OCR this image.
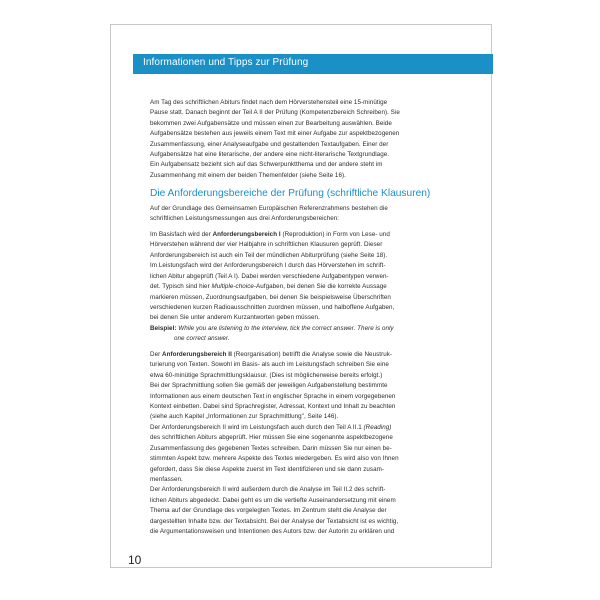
Informationen und Tipps zur Prüfung
Am Tag des schriftlichen Abiturs findet nach dem Hörverstehensteil eine 15-minütige
Pause statt. Danach beginnt der Teil A II der Prüfung (Kompetenzbereich Schreiben). Sie
bekommen zwei Aufgabensätze und müssen einen zur Bearbeitung auswählen. Beide
Aufgabensätze bestehen aus jeweils einem Text mit einer Aufgabe zur aspektbezogenen
Zusammenfassung, einer Analyseaufgabe und gestaltenden Textaufgaben. Einer der
Aufgabensätze hat eine literarische, der andere eine nicht-literarische Textgrundlage.
Ein Aufgabensatz bezieht sich auf das Schwerpunktthema und der andere steht im
Zusammenhang mit einem der beiden Themenfelder (siehe Seite 16).
Die Anforderungsbereiche der Prüfung (schriftliche Klausuren)
Auf der Grundlage des Gemeinsamen Europäischen Referenzrahmens bestehen die
schriftlichen Leistungsmessungen aus drei Anforderungsbereichen:
Im Basisfach wird der Anforderungsbereich I (Reproduktion) in Form von Lese- und
Hörverstehen während der vier Halbjahre in schriftlichen Klausuren geprüft. Dieser
Anforderungsbereich ist auch ein Teil der mündlichen Abiturprüfung (siehe Seite 18).
Im Leistungsfach wird der Anforderungsbereich I durch das Hörverstehen im schrift-
lichen Abitur abgeprüft (Teil A I). Dabei werden verschiedene Aufgabentypen verwen-
det. Typisch sind hier Multiple-choice-Aufgaben, bei denen Sie die korrekte Aussage
markieren müssen, Zuordnungsaufgaben, bei denen Sie beispielsweise Überschriften
verschiedenen kurzen Radioausschnitten zuordnen müssen, und halboffene Aufgaben,
bei denen Sie unter anderem Kurzantworten geben müssen.
Beispiel: While you are listening to the interview, tick the correct answer. There is only
one correct answer.
Der Anforderungsbereich II (Reorganisation) betrifft die Analyse sowie die Neustruk-
turierung von Texten. Sowohl im Basis- als auch im Leistungsfach schreiben Sie eine
etwa 60-minütige Sprachmittlungsklausur. (Dies ist möglicherweise bereits erfolgt.)
Bei der Sprachmittlung sollen Sie gemäß der jeweiligen Aufgabenstellung bestimmte
Informationen aus einem deutschen Text in englischer Sprache in einem vorgegebenen
Kontext einbetten. Dabei sind Sprachregister, Adressat, Kontext und Inhalt zu beachten
(siehe auch Kapitel „Informationen zur Sprachmittlung", Seite 146).
Der Anforderungsbereich II wird im Leistungsfach auch durch den Teil A II.1 (Reading)
des schriftlichen Abiturs abgeprüft. Hier müssen Sie eine sogenannte aspektbezogene
Zusammenfassung des gegebenen Textes schreiben. Darin müssen Sie nur einen be-
stimmten Aspekt bzw. mehrere Aspekte des Textes wiedergeben. Es wird also von Ihnen
gefordert, dass Sie diese Aspekte zuerst im Text identifizieren und sie dann zusam-
menfassen.
Der Anforderungsbereich II wird außerdem durch die Analyse im Teil II.2 des schrift-
lichen Abiturs abgedeckt. Dabei geht es um die vertiefte Auseinandersetzung mit einem
Thema auf der Grundlage des vorgelegten Textes. Im Zentrum steht die Analyse der
dargestellten Inhalte bzw. der Textabsicht. Bei der Analyse der Textabsicht ist es wichtig,
die Argumentationsweisen und Intentionen des Autors bzw. der Autorin zu erklären und
10
